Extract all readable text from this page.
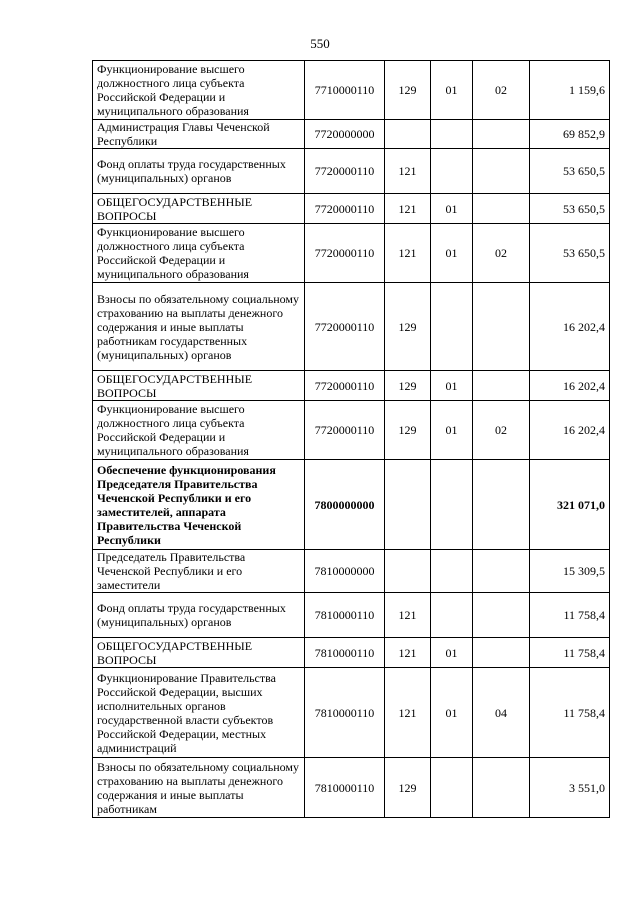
550
Функционирование высшего должностного лица субъекта Российской Федерации и муниципального образования	7710000110	129	01	02	1 159,6
Администрация Главы Чеченской Республики	7720000000				69 852,9
Фонд оплаты труда государственных (муниципальных) органов	7720000110	121			53 650,5
ОБЩЕГОСУДАРСТВЕННЫЕ ВОПРОСЫ	7720000110	121	01		53 650,5
Функционирование высшего должностного лица субъекта Российской Федерации и муниципального образования	7720000110	121	01	02	53 650,5
Взносы по обязательному социальному страхованию на выплаты денежного содержания и иные выплаты работникам государственных (муниципальных) органов	7720000110	129			16 202,4
ОБЩЕГОСУДАРСТВЕННЫЕ ВОПРОСЫ	7720000110	129	01		16 202,4
Функционирование высшего должностного лица субъекта Российской Федерации и муниципального образования	7720000110	129	01	02	16 202,4
Обеспечение функционирования Председателя Правительства Чеченской Республики и его заместителей, аппарата Правительства Чеченской Республики	7800000000				321 071,0
Председатель Правительства Чеченской Республики и его заместители	7810000000				15 309,5
Фонд оплаты труда государственных (муниципальных) органов	7810000110	121			11 758,4
ОБЩЕГОСУДАРСТВЕННЫЕ ВОПРОСЫ	7810000110	121	01		11 758,4
Функционирование Правительства Российской Федерации, высших исполнительных органов государственной власти субъектов Российской Федерации, местных администраций	7810000110	121	01	04	11 758,4
Взносы по обязательному социальному страхованию на выплаты денежного содержания и иные выплаты работникам	7810000110	129			3 551,0
